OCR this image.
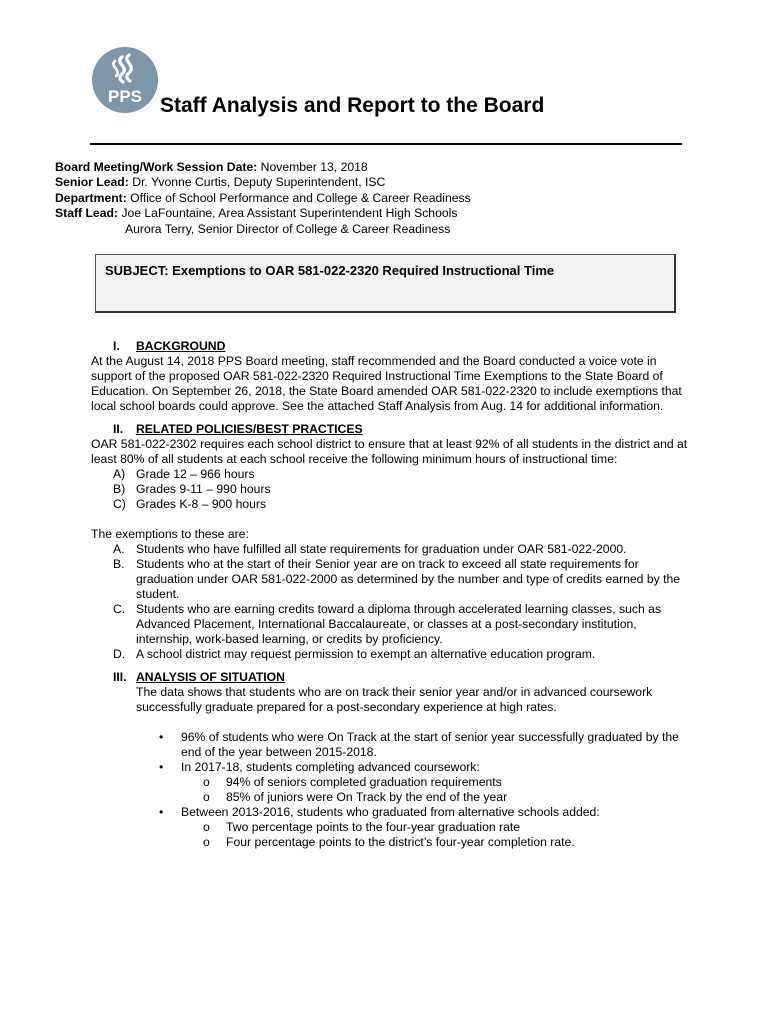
PPS Staff Analysis and Report to the Board
Board Meeting/Work Session Date: November 13, 2018
Senior Lead: Dr. Yvonne Curtis, Deputy Superintendent, ISC
Department: Office of School Performance and College & Career Readiness
Staff Lead: Joe LaFountaine, Area Assistant Superintendent High Schools
Aurora Terry, Senior Director of College & Career Readiness
SUBJECT: Exemptions to OAR 581-022-2320 Required Instructional Time
I. BACKGROUND

At the August 14, 2018 PPS Board meeting, staff recommended and the Board conducted a voice vote in support of the proposed OAR 581-022-2320 Required Instructional Time Exemptions to the State Board of Education. On September 26, 2018, the State Board amended OAR 581-022-2320 to include exemptions that local school boards could approve. See the attached Staff Analysis from Aug. 14 for additional information.

II. RELATED POLICIES/BEST PRACTICES

OAR 581-022-2302 requires each school district to ensure that at least 92% of all students in the district and at least 80% of all students at each school receive the following minimum hours of instructional time:

A) Grade 12 – 966 hours
B) Grades 9-11 – 990 hours
C) Grades K-8 – 900 hours

The exemptions to these are:

A. Students who have fulfilled all state requirements for graduation under OAR 581-022-2000.
B. Students who at the start of their Senior year are on track to exceed all state requirements for graduation under OAR 581-022-2000 as determined by the number and type of credits earned by the student.
C. Students who are earning credits toward a diploma through accelerated learning classes, such as Advanced Placement, International Baccalaureate, or classes at a post-secondary institution, internship, work-based learning, or credits by proficiency.
D. A school district may request permission to exempt an alternative education program.
III. ANALYSIS OF SITUATION

The data shows that students who are on track their senior year and/or in advanced coursework successfully graduate prepared for a post-secondary experience at high rates.

• 96% of students who were On Track at the start of senior year successfully graduated by the end of the year between 2015-2018.
• In 2017-18, students completing advanced coursework:
o 94% of seniors completed graduation requirements
o 85% of juniors were On Track by the end of the year
• Between 2013-2016, students who graduated from alternative schools added:
o Two percentage points to the four-year graduation rate
o Four percentage points to the district’s four-year completion rate.
